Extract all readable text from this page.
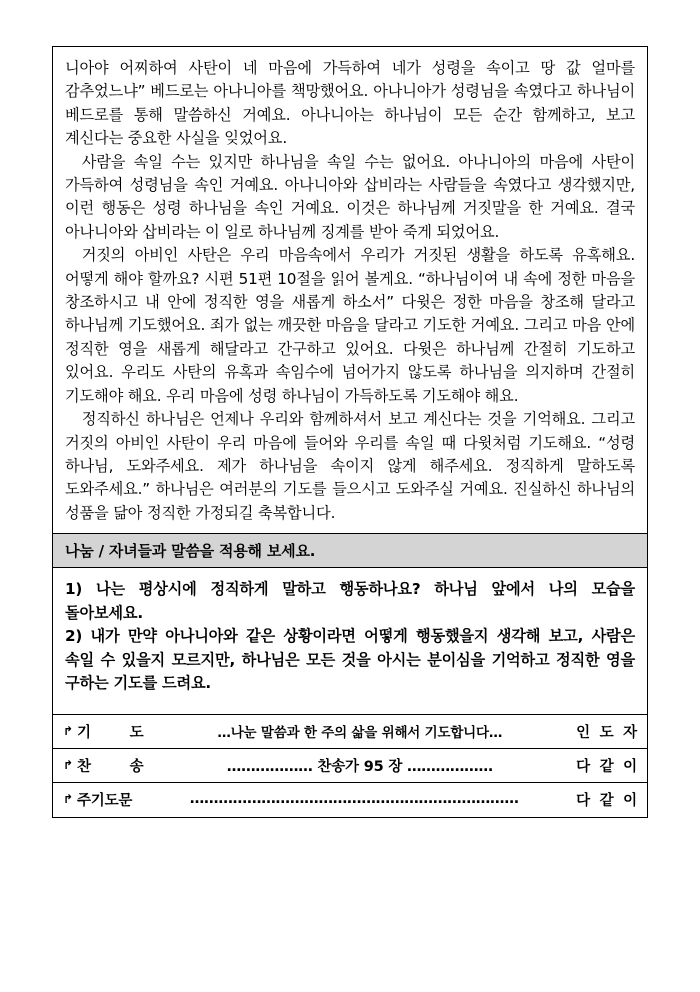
니아야 어찌하여 사탄이 네 마음에 가득하여 네가 성령을 속이고 땅 값 얼마를 감추었느냐” 베드로는 아나니아를 책망했어요. 아나니아가 성령님을 속였다고 하나님이 베드로를 통해 말씀하신 거예요. 아나니아는 하나님이 모든 순간 함께하고, 보고 계신다는 중요한 사실을 잊었어요.

사람을 속일 수는 있지만 하나님을 속일 수는 없어요. 아나니아의 마음에 사탄이 가득하여 성령님을 속인 거예요. 아나니아와 삽비라는 사람들을 속였다고 생각했지만, 이런 행동은 성령 하나님을 속인 거예요. 이것은 하나님께 거짓말을 한 거예요. 결국 아나니아와 삽비라는 이 일로 하나님께 징계를 받아 죽게 되었어요.

거짓의 아비인 사탄은 우리 마음속에서 우리가 거짓된 생활을 하도록 유혹해요. 어떻게 해야 할까요? 시편 51편 10절을 읽어 볼게요. “하나님이여 내 속에 정한 마음을 창조하시고 내 안에 정직한 영을 새롭게 하소서” 다윗은 정한 마음을 창조해 달라고 하나님께 기도했어요. 죄가 없는 깨끗한 마음을 달라고 기도한 거예요. 그리고 마음 안에 정직한 영을 새롭게 해달라고 간구하고 있어요. 다윗은 하나님께 간절히 기도하고 있어요. 우리도 사탄의 유혹과 속임수에 넘어가지 않도록 하나님을 의지하며 간절히 기도해야 해요. 우리 마음에 성령 하나님이 가득하도록 기도해야 해요.

정직하신 하나님은 언제나 우리와 함께하셔서 보고 계신다는 것을 기억해요. 그리고 거짓의 아비인 사탄이 우리 마음에 들어와 우리를 속일 때 다윗처럼 기도해요. “성령 하나님, 도와주세요. 제가 하나님을 속이지 않게 해주세요. 정직하게 말하도록 도와주세요.” 하나님은 여러분의 기도를 들으시고 도와주실 거예요. 진실하신 하나님의 성품을 닮아 정직한 가정되길 축복합니다.

나눔 / 자녀들과 말씀을 적용해 보세요.

1) 나는 평상시에 정직하게 말하고 행동하나요? 하나님 앞에서 나의 모습을 돌아보세요.

2) 내가 만약 아나니아와 같은 상황이라면 어떻게 행동했을지 생각해 보고, 사람은 속일 수 있을지 모르지만, 하나님은 모든 것을 아시는 분이심을 기억하고 정직한 영을 구하는 기도를 드려요.

↱ 기        도	…나눈 말씀과 한 주의 삶을 위해서 기도합니다…	인  도  자
↱ 찬        송	……………… 찬송가 95 장 ………………	다  같  이
↱ 주기도문	……………………………………………………………	다  같  이
